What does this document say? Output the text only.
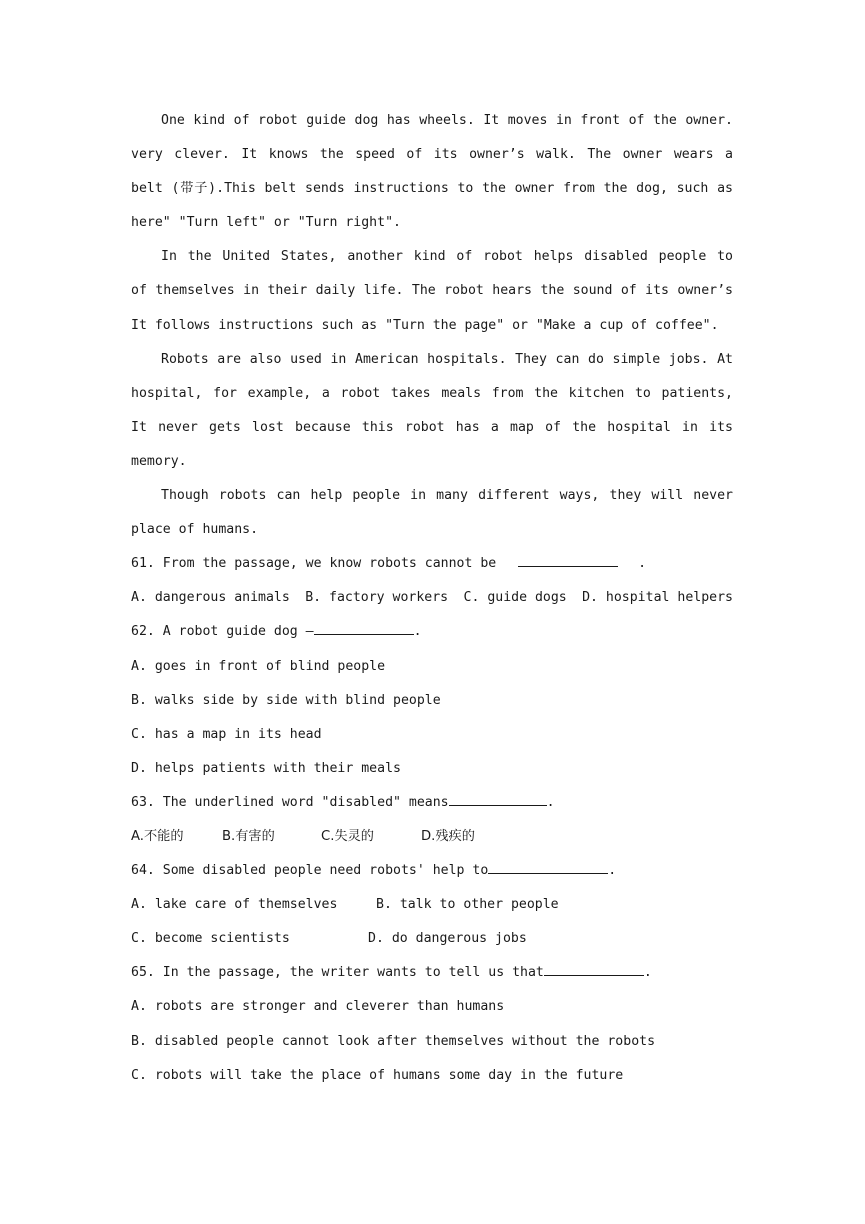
One kind of robot guide dog has wheels. It moves in front of the owner.
very clever. It knows the speed of its owner’s walk. The owner wears a
belt (带子).This belt sends instructions to the owner from the dog, such as
here" "Turn left" or "Turn right".
In the United States, another kind of robot helps disabled people to
of themselves in their daily life. The robot hears the sound of its owner’s
It follows instructions such as "Turn the page" or "Make a cup of coffee".
Robots are also used in American hospitals. They can do simple jobs. At
hospital, for example, a robot takes meals from the kitchen to patients,
It never gets lost because this robot has a map of the hospital in its
memory.
Though robots can help people in many different ways, they will never
place of humans.
61. From the passage, we know robots cannot be	.
A. dangerous animals B. factory workers C. guide dogs D. hospital helpers
62. A robot guide dog —	.
A. goes in front of blind people
B. walks side by side with blind people
C. has a map in its head
D. helps patients with their meals
63. The underlined word "disabled" means	.
A.不能的	B.有害的	C.失灵的	D.残疾的
64. Some disabled people need robots' help to	.
A. lake care of themselves	B. talk to other people
C. become scientists	D. do dangerous jobs
65. In the passage, the writer wants to tell us that	.
A. robots are stronger and cleverer than humans
B. disabled people cannot look after themselves without the robots
C. robots will take the place of humans some day in the future
